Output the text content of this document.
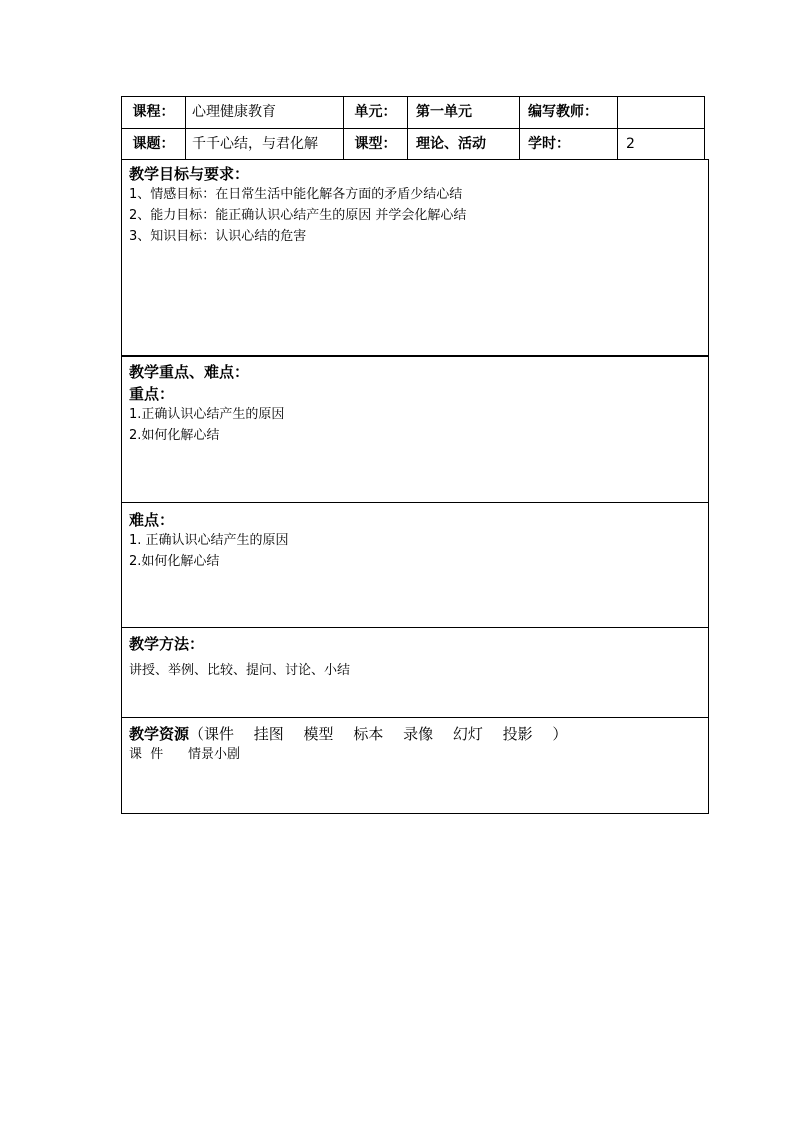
课程：	心理健康教育	单元：	第一单元	编写教师：
课题：	千千心结，与君化解	课型：	理论、活动	学时：	2
教学目标与要求：
1、情感目标：在日常生活中能化解各方面的矛盾少结心结
2、能力目标：能正确认识心结产生的原因 并学会化解心结
3、知识目标：认识心结的危害
教学重点、难点：
重点：
1.正确认识心结产生的原因
2.如何化解心结
难点：
1. 正确认识心结产生的原因
2.如何化解心结
教学方法：
讲授、举例、比较、提问、讨论、小结
教学资源（课件　 挂图　 模型　 标本　 录像　 幻灯　 投影　 ）
课  件      情景小剧
